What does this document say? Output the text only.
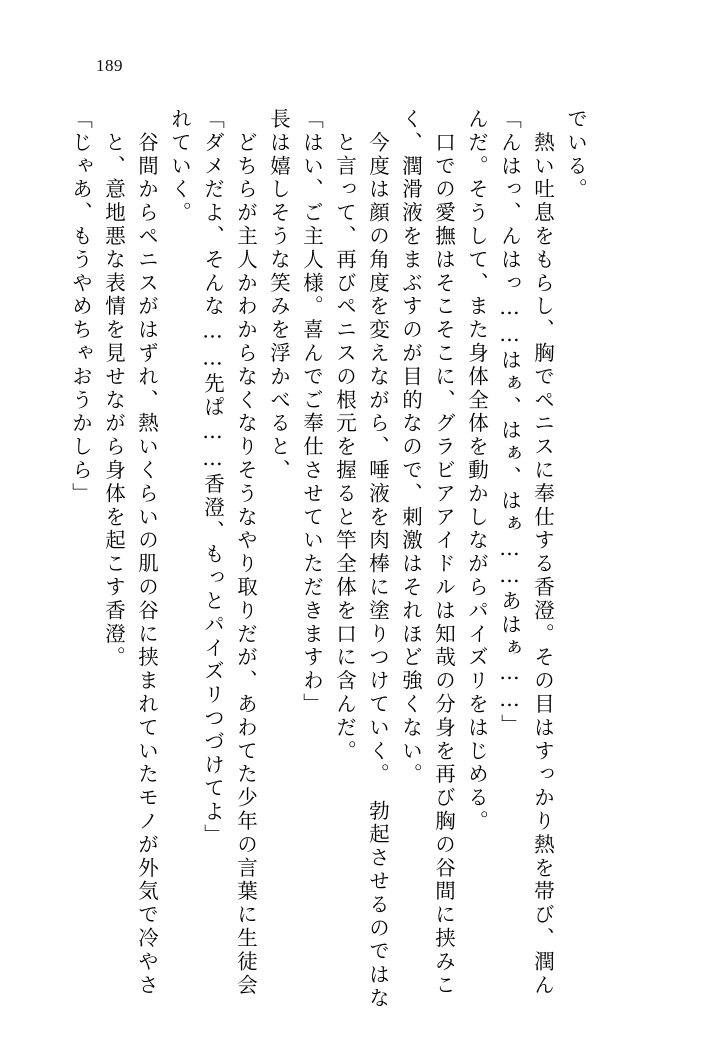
189
「じゃあ、もうやめちゃおうかしら」 　と、意地悪な表情を見せながら身体を起こす香澄。 　谷間からペニスがはずれ、熱いくらいの肌の谷に挟まれていたモノが外気で冷やさ れていく。 「ダメだよ、そんな……先ぱ……香澄、もっとパイズリつづけてよ」 　どちらが主人かわからなくなりそうなやり取りだが、あわてた少年の言葉に生徒会 長は嬉しそうな笑みを浮かべると、 「はい、ご主人様。喜んでご奉仕させていただきますわ」 　と言って、再びペニスの根元を握ると竿全体を口に含んだ。 　今度は顔の角度を変えながら、唾液を肉棒に塗りつけていく。　勃起させるのではな く、潤滑液をまぶすのが目的なので、刺激はそれほど強くない。 　口での愛撫はそこそこに、グラビアアイドルは知哉の分身を再び胸の谷間に挟みこ んだ。そうして、また身体全体を動かしながらパイズリをはじめる。 「んはっ、んはっ……はぁ、はぁ、はぁ……あはぁ……」 　熱い吐息をもらし、胸でペニスに奉仕する香澄。その目はすっかり熱を帯び、潤ん でいる。
